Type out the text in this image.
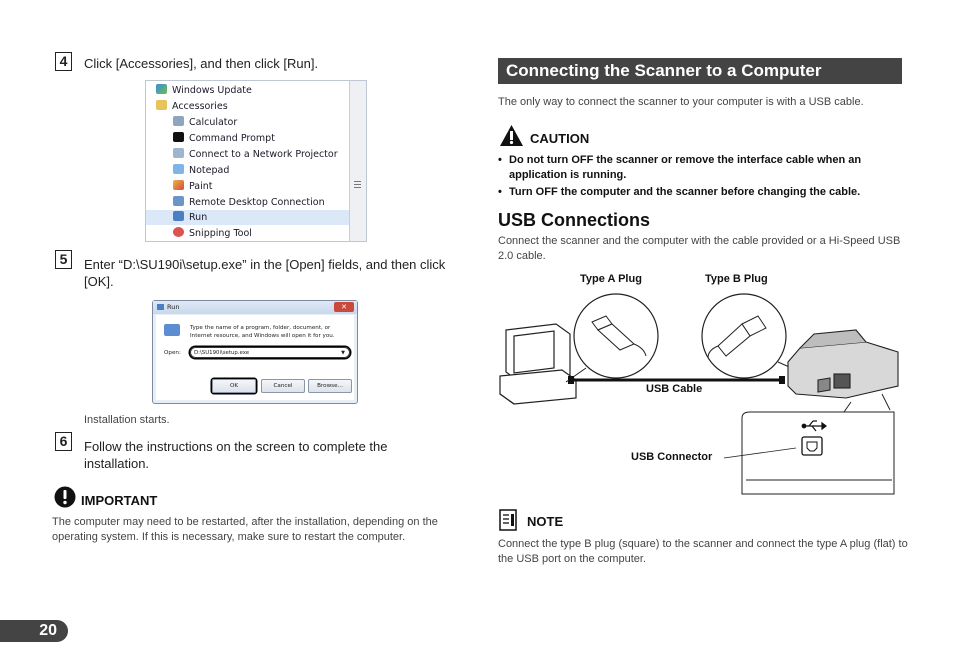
4	Click [Accessories], and then click [Run].
Windows Update
Accessories
Calculator
Command Prompt
Connect to a Network Projector
Notepad
Paint
Remote Desktop Connection
Run
Snipping Tool
5	Enter “D:\SU190i\setup.exe” in the [Open] fields, and then click [OK].
Run	✕
Type the name of a program, folder, document, or Internet resource, and Windows will open it for you.
Open:	D:\SU190i\setup.exe	▼
OK	Cancel	Browse...
Installation starts.
6	Follow the instructions on the screen to complete the installation.
IMPORTANT
The computer may need to be restarted, after the installation, depending on the operating system. If this is necessary, make sure to restart the computer.
Connecting the Scanner to a Computer
The only way to connect the scanner to your computer is with a USB cable.
CAUTION
• Do not turn OFF the scanner or remove the interface cable when an application is running.
• Turn OFF the computer and the scanner before changing the cable.
USB Connections
Connect the scanner and the computer with the cable provided or a Hi-Speed USB 2.0 cable.
Type A Plug	Type B Plug
USB Cable
USB Connector
NOTE
Connect the type B plug (square) to the scanner and connect the type A plug (flat) to the USB port on the computer.
20
